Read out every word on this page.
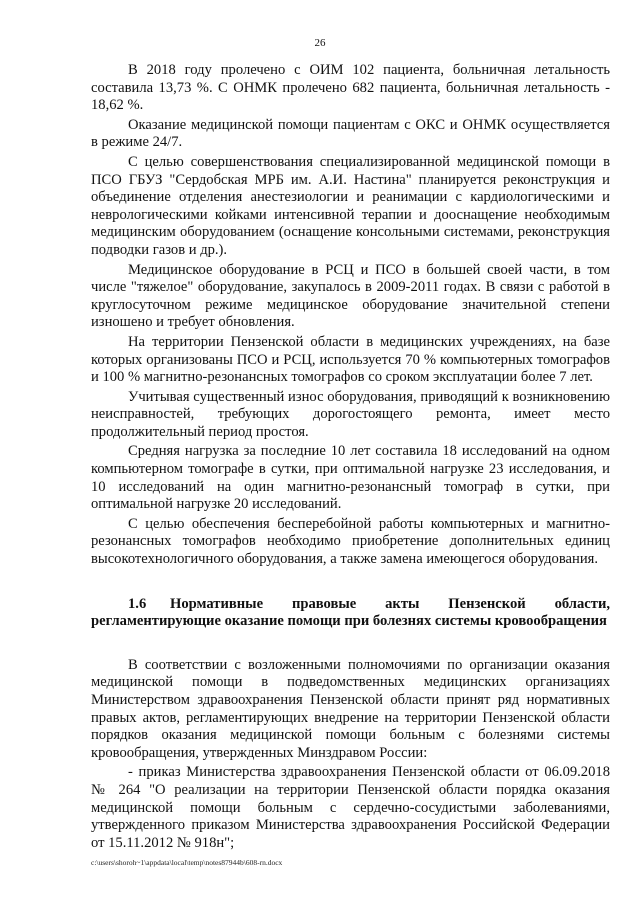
26

В 2018 году пролечено с ОИМ 102 пациента, больничная летальность составила 13,73 %. С ОНМК пролечено 682 пациента, больничная летальность - 18,62 %.

Оказание медицинской помощи пациентам с ОКС и ОНМК осуществляется в режиме 24/7.

С целью совершенствования специализированной медицинской помощи в ПСО ГБУЗ "Сердобская МРБ им. А.И. Настина" планируется реконструкция и объединение отделения анестезиологии и реанимации с кардиологическими и неврологическими койками интенсивной терапии и дооснащение необходимым медицинским оборудованием (оснащение консольными системами, реконструкция подводки газов и др.).

Медицинское оборудование в РСЦ и ПСО в большей своей части, в том числе "тяжелое" оборудование, закупалось в 2009-2011 годах. В связи с работой в круглосуточном режиме медицинское оборудование значительной степени изношено и требует обновления.

На территории Пензенской области в медицинских учреждениях, на базе которых организованы ПСО и РСЦ, используется 70 % компьютерных томографов и 100 % магнитно-резонансных томографов со сроком эксплуатации более 7 лет.

Учитывая существенный износ оборудования, приводящий к возникновению неисправностей, требующих дорогостоящего ремонта, имеет место продолжительный период простоя.

Средняя нагрузка за последние 10 лет составила 18 исследований на одном компьютерном томографе в сутки, при оптимальной нагрузке 23 исследования, и 10 исследований на один магнитно-резонансный томограф в сутки, при оптимальной нагрузке 20 исследований.

С целью обеспечения бесперебойной работы компьютерных и магнитно-резонансных томографов необходимо приобретение дополнительных единиц высокотехнологичного оборудования, а также замена имеющегося оборудования.

1.6 Нормативные правовые акты Пензенской области, регламентирующие оказание помощи при болезнях системы кровообращения

В соответствии с возложенными полномочиями по организации оказания медицинской помощи в подведомственных медицинских организациях Министерством здравоохранения Пензенской области принят ряд нормативных правых актов, регламентирующих внедрение на территории Пензенской области порядков оказания медицинской помощи больным с болезнями системы кровообращения, утвержденных Минздравом России:

- приказ Министерства здравоохранения Пензенской области от 06.09.2018 № 264 "О реализации на территории Пензенской области порядка оказания медицинской помощи больным с сердечно-сосудистыми заболеваниями, утвержденного приказом Министерства здравоохранения Российской Федерации от 15.11.2012 № 918н";

c:\users\shoroh~1\appdata\local\temp\notes87944b\608-rn.docx
